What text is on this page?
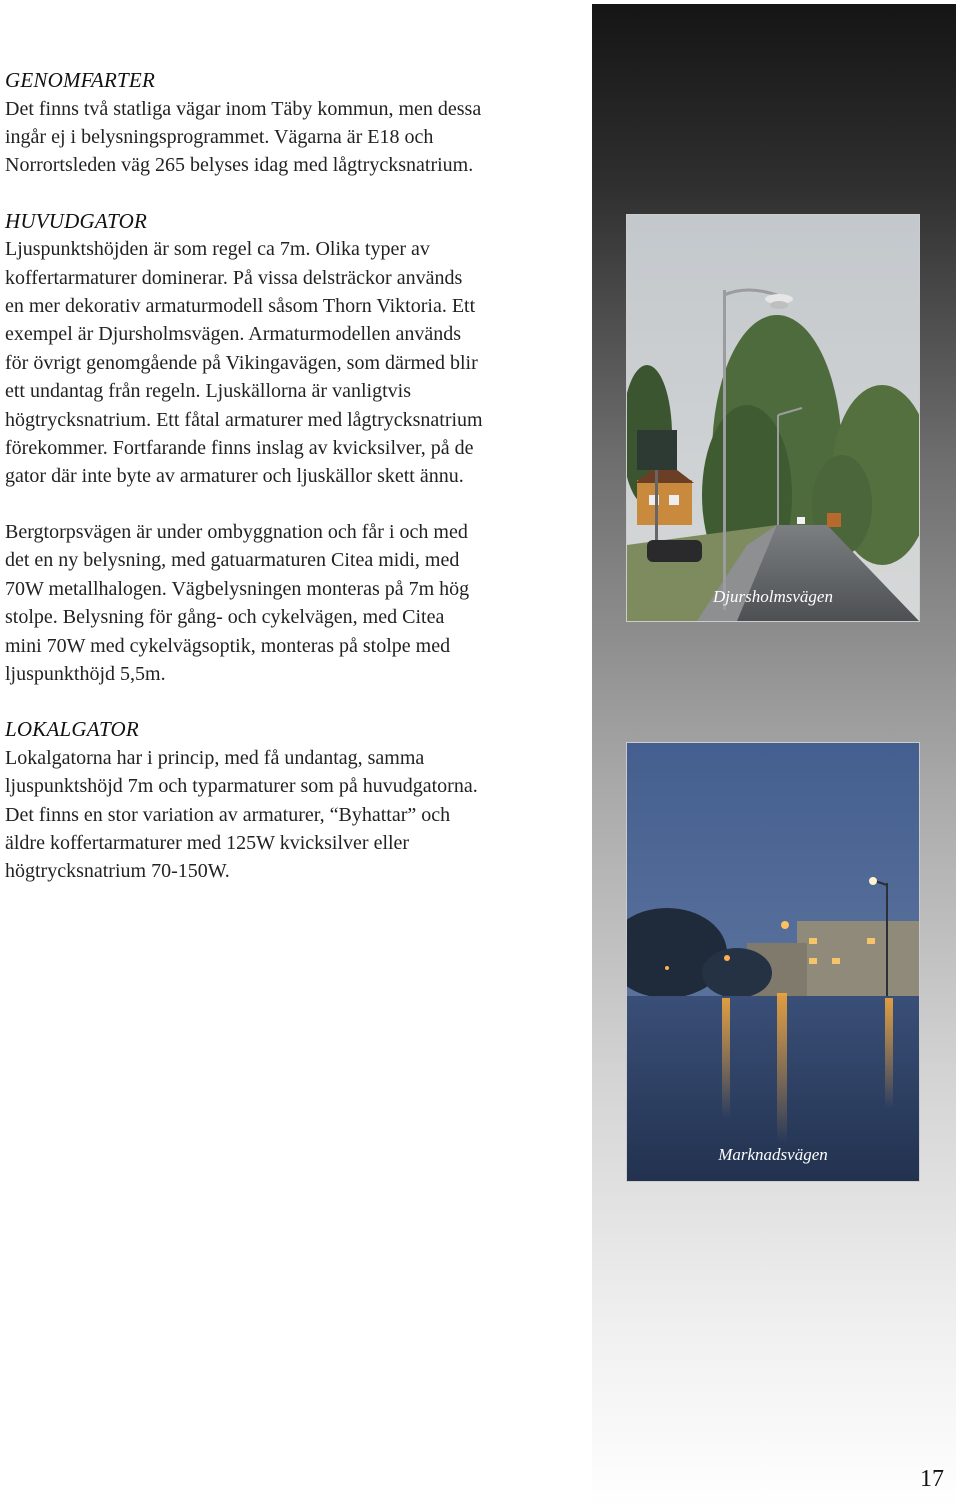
GENOMFARTER

Det finns två statliga vägar inom Täby kommun, men dessa
ingår ej i belysningsprogrammet. Vägarna är E18 och
Norrortsleden väg 265 belyses idag med lågtrycksnatrium.

HUVUDGATOR

Ljuspunktshöjden är som regel ca 7m. Olika typer av
koffertarmaturer dominerar. På vissa delsträckor används
en mer dekorativ armaturmodell såsom Thorn Viktoria. Ett
exempel är Djursholmsvägen. Armaturmodellen används
för övrigt genomgående på Vikingavägen, som därmed blir
ett undantag från regeln. Ljuskällorna är vanligtvis
högtrycksnatrium. Ett fåtal armaturer med lågtrycksnatrium
förekommer. Fortfarande finns inslag av kvicksilver, på de
gator där inte byte av armaturer och ljuskällor skett ännu.

Bergtorpsvägen är under ombyggnation och får i och med
det en ny belysning, med gatuarmaturen Citea midi, med
70W metallhalogen. Vägbelysningen monteras på 7m hög
stolpe. Belysning för gång- och cykelvägen, med Citea
mini 70W med cykelvägsoptik, monteras på stolpe med
ljuspunkthöjd 5,5m.

LOKALGATOR

Lokalgatorna har i princip, med få undantag, samma
ljuspunktshöjd 7m och typarmaturer som på huvudgatorna.
Det finns en stor variation av armaturer, “Byhattar” och
äldre koffertarmaturer med 125W kvicksilver eller
högtrycksnatrium 70-150W.

Djursholmsvägen
Marknadsvägen
17
